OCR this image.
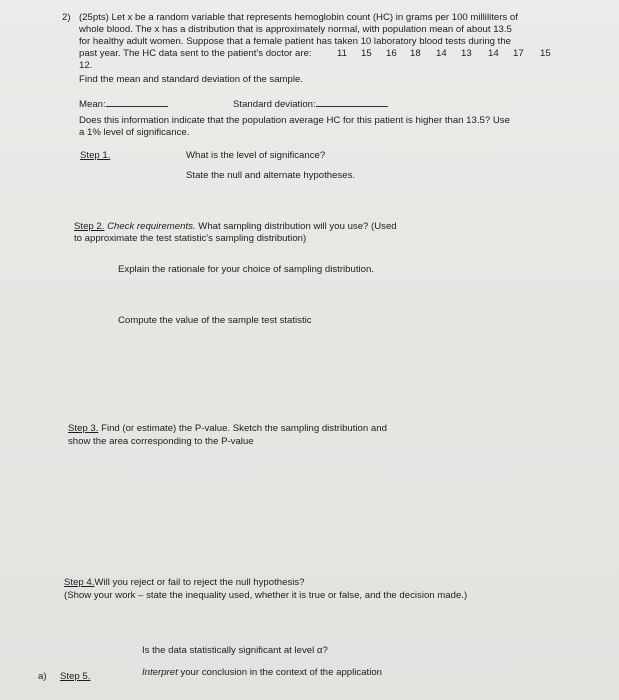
2) (25pts) Let x be a random variable that represents hemoglobin count (HC) in grams per 100 milliliters of
whole blood. The x has a distribution that is approximately normal, with population mean of about 13.5
for healthy adult women. Suppose that a female patient has taken 10 laboratory blood tests during the
past year. The HC data sent to the patient's doctor are:	11 15 16 18 14 13 14 17 15
12.
Find the mean and standard deviation of the sample.
Mean:	Standard deviation:
Does this information indicate that the population average HC for this patient is higher than 13.5? Use
a 1% level of significance.
Step 1.	What is the level of significance?
State the null and alternate hypotheses.
Step 2. Check requirements. What sampling distribution will you use? (Used
to approximate the test statistic's sampling distribution)
Explain the rationale for your choice of sampling distribution.
Compute the value of the sample test statistic
Step 3. Find (or estimate) the P-value. Sketch the sampling distribution and
show the area corresponding to the P-value
Step 4.Will you reject or fail to reject the null hypothesis?
(Show your work – state the inequality used, whether it is true or false, and the decision made.)
Is the data statistically significant at level α?
a) Step 5.	Interpret your conclusion in the context of the application
